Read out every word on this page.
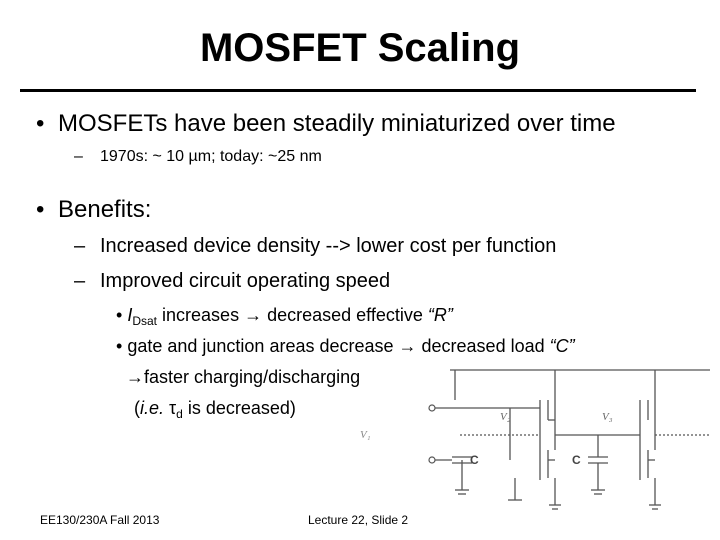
MOSFET Scaling
• MOSFETs have been steadily miniaturized over time
– 1970s: ~ 10 µm; today: ~25 nm
• Benefits:
– Increased device density --> lower cost per function
– Improved circuit operating speed
• $I_{Dsat}$ increases → decreased effective “R”
• gate and junction areas decrease → decreased load “C”
→faster charging/discharging
(i.e. $\tau_d$ is decreased)
V₁
V₂	V₃
C	C
EE130/230A Fall 2013	Lecture 22, Slide 2
